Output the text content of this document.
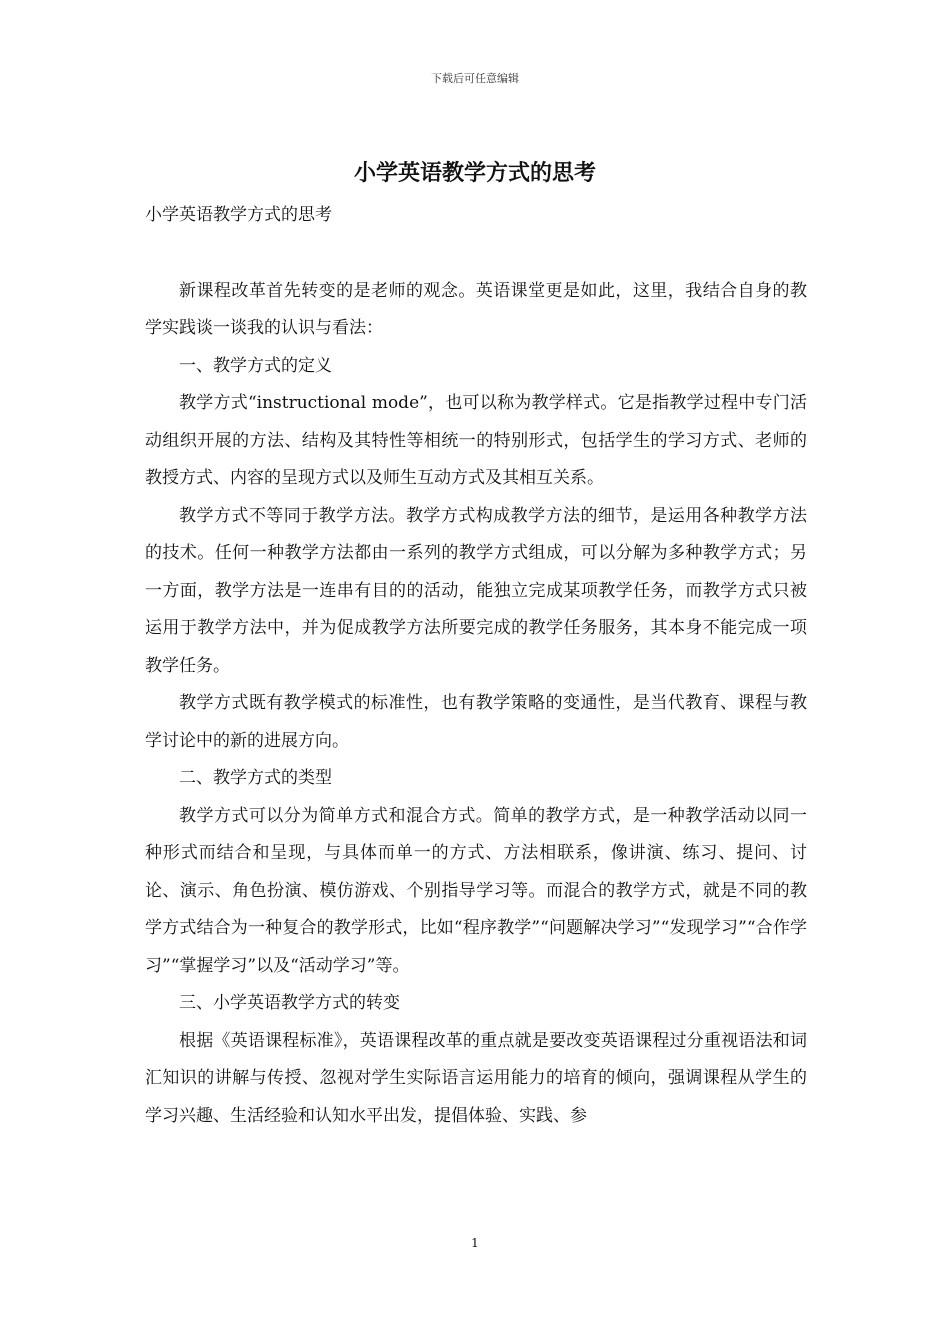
下载后可任意编辑
小学英语教学方式的思考

小学英语教学方式的思考

新课程改革首先转变的是老师的观念。英语课堂更是如此，这里，我结合自身的教学实践谈一谈我的认识与看法：

一、教学方式的定义

教学方式“instructional mode”，也可以称为教学样式。它是指教学过程中专门活动组织开展的方法、结构及其特性等相统一的特别形式，包括学生的学习方式、老师的教授方式、内容的呈现方式以及师生互动方式及其相互关系。

教学方式不等同于教学方法。教学方式构成教学方法的细节，是运用各种教学方法的技术。任何一种教学方法都由一系列的教学方式组成，可以分解为多种教学方式；另一方面，教学方法是一连串有目的的活动，能独立完成某项教学任务，而教学方式只被运用于教学方法中，并为促成教学方法所要完成的教学任务服务，其本身不能完成一项教学任务。

教学方式既有教学模式的标准性，也有教学策略的变通性，是当代教育、课程与教学讨论中的新的进展方向。

二、教学方式的类型

教学方式可以分为简单方式和混合方式。简单的教学方式，是一种教学活动以同一种形式而结合和呈现，与具体而单一的方式、方法相联系，像讲演、练习、提问、讨论、演示、角色扮演、模仿游戏、个别指导学习等。而混合的教学方式，就是不同的教学方式结合为一种复合的教学形式，比如“程序教学”“问题解决学习”“发现学习”“合作学习”“掌握学习”以及“活动学习”等。

三、小学英语教学方式的转变

根据《英语课程标准》，英语课程改革的重点就是要改变英语课程过分重视语法和词汇知识的讲解与传授、忽视对学生实际语言运用能力的培育的倾向，强调课程从学生的学习兴趣、生活经验和认知水平出发，提倡体验、实践、参

1
